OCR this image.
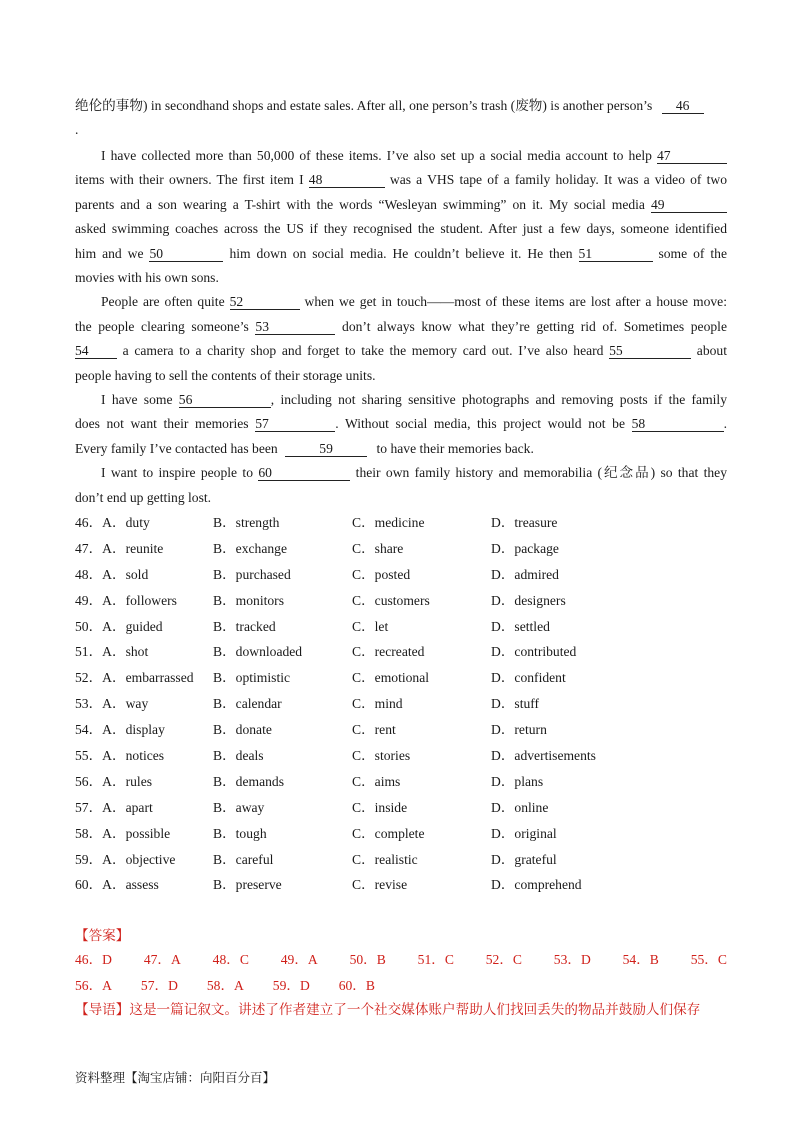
绝伦的事物) in secondhand shops and estate sales. After all, one person’s trash (废物) is another person’s 46
.
I have collected more than 50,000 of these items. I’ve also set up a social media account to help 47
items with their owners. The first item I 48	was a VHS tape of a family holiday. It was a video of two
parents and a son wearing a T-shirt with the words “Wesleyan swimming” on it. My social media 49
asked swimming coaches across the US if they recognised the student. After just a few days, someone identified
him and we 50	him down on social media. He couldn’t believe it. He then 51	some of the
movies with his own sons.
People are often quite 52	when we get in touch——most of these items are lost after a house move:
the people clearing someone’s 53	don’t always know what they’re getting rid of. Sometimes people
54	a camera to a charity shop and forget to take the memory card out. I’ve also heard 55	about
people having to sell the contents of their storage units.
I have some 56	, including not sharing sensitive photographs and removing posts if the family
does not want their memories 57	. Without social media, this project would not be 58	.
Every family I’ve contacted has been	59	to have their memories back.
I want to inspire people to 60	their own family history and memorabilia (纪念品) so that they
don’t end up getting lost.
46．A．duty	B．strength	C．medicine	D．treasure
47．A．reunite	B．exchange	C．share	D．package
48．A．sold	B．purchased	C．posted	D．admired
49．A．followers	B．monitors	C．customers	D．designers
50．A．guided	B．tracked	C．let	D．settled
51．A．shot	B．downloaded	C．recreated	D．contributed
52．A．embarrassed B．optimistic	C．emotional	D．confident
53．A．way	B．calendar	C．mind	D．stuff
54．A．display	B．donate	C．rent	D．return
55．A．notices	B．deals	C．stories	D．advertisements
56．A．rules	B．demands	C．aims	D．plans
57．A．apart	B．away	C．inside	D．online
58．A．possible	B．tough	C．complete	D．original
59．A．objective	B．careful	C．realistic	D．grateful
60．A．assess	B．preserve	C．revise	D．comprehend
【答案】
46．D 47．A 48．C 49．A 50．B 51．C 52．C 53．D 54．B 55．C
56．A 57．D 58．A 59．D 60．B
【导语】这是一篇记叙文。讲述了作者建立了一个社交媒体账户帮助人们找回丢失的物品并鼓励人们保存
资料整理【淘宝店铺：向阳百分百】
